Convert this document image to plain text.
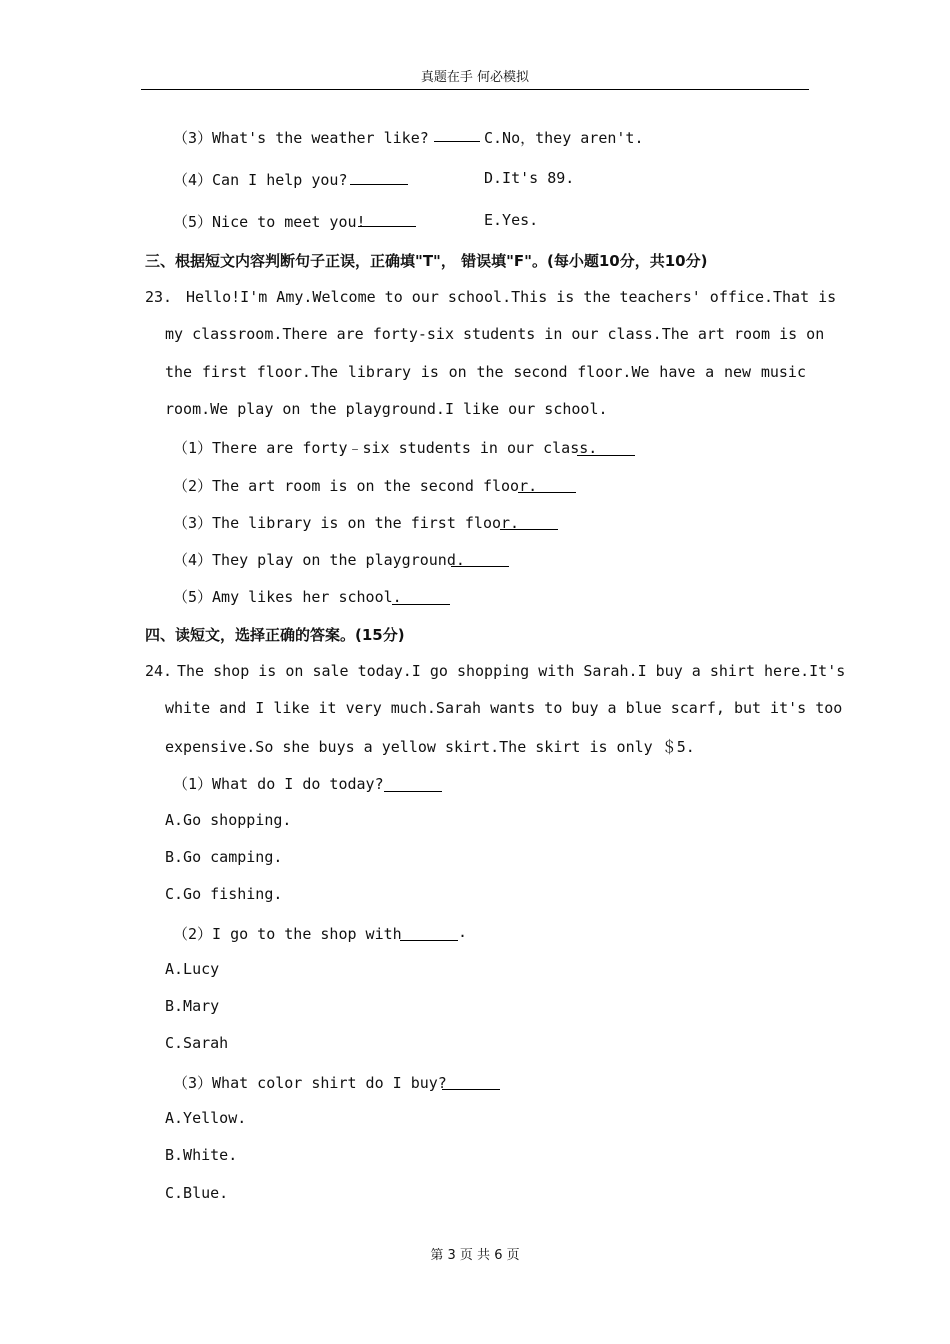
真题在手 何必模拟
（3）What's the weather like?	C.No，they aren't.
（4）Can I help you?	D.It's 89.
（5）Nice to meet you!	E.Yes.
三、根据短文内容判断句子正误，正确填"T"， 错误填"F"。(每小题10分，共10分)
23. Hello!I'm Amy.Welcome to our school.This is the teachers' office.That is
my classroom.There are forty-six students in our class.The art room is on
the first floor.The library is on the second floor.We have a new music
room.We play on the playground.I like our school.
（1）There are forty﹣six students in our class.
（2）The art room is on the second floor.
（3）The library is on the first floor.
（4）They play on the playground.
（5）Amy likes her school.
四、读短文，选择正确的答案。(15分)
24. The shop is on sale today.I go shopping with Sarah.I buy a shirt here.It's
white and I like it very much.Sarah wants to buy a blue scarf, but it's too
expensive.So she buys a yellow skirt.The skirt is only ＄5.
（1）What do I do today?
A.Go shopping.
B.Go camping.
C.Go fishing.
（2）I go to the shop with	.
A.Lucy
B.Mary
C.Sarah
（3）What color shirt do I buy?
A.Yellow.
B.White.
C.Blue.
第 3 页 共 6 页
